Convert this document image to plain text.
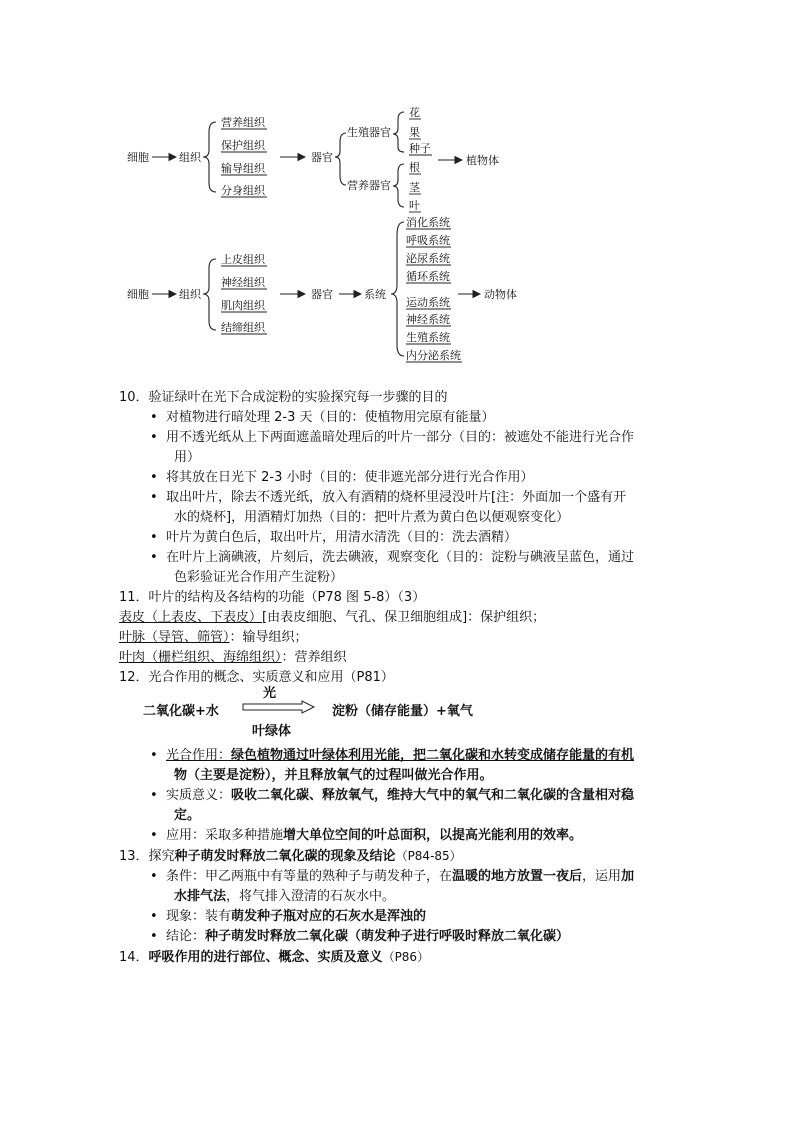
细胞	组织
营养组织
保护组织
输导组织
分身组织
器官
生殖器官
营养器官
花
果
种子
根
茎
叶
植物体
细胞	组织
上皮组织
神经组织
肌肉组织
结缔组织
器官	系统
消化系统
呼吸系统
泌尿系统
循环系统
运动系统
神经系统
生殖系统
内分泌系统
动物体

10．验证绿叶在光下合成淀粉的实验探究每一步骤的目的

• 对植物进行暗处理 2-3 天（目的：使植物用完原有能量）
• 用不透光纸从上下两面遮盖暗处理后的叶片一部分（目的：被遮处不能进行光合作
用）
• 将其放在日光下 2-3 小时（目的：使非遮光部分进行光合作用）
• 取出叶片，除去不透光纸，放入有酒精的烧杯里浸没叶片[注：外面加一个盛有开
水的烧杯]，用酒精灯加热（目的：把叶片煮为黄白色以便观察变化）
• 叶片为黄白色后，取出叶片，用清水清洗（目的：洗去酒精）
• 在叶片上滴碘液，片刻后，洗去碘液，观察变化（目的：淀粉与碘液呈蓝色，通过
色彩验证光合作用产生淀粉）

11．叶片的结构及各结构的功能（P78 图 5-8）（3）

表皮（上表皮、下表皮）[由表皮细胞、气孔、保卫细胞组成]：保护组织；

叶脉（导管、筛管）：输导组织；

叶肉（栅栏组织、海绵组织）：营养组织

12．光合作用的概念、实质意义和应用（P81）

二氧化碳+水
光
叶绿体
淀粉（储存能量）+氧气
• 光合作用：绿色植物通过叶绿体利用光能，把二氧化碳和水转变成储存能量的有机
物（主要是淀粉），并且释放氧气的过程叫做光合作用。
• 实质意义：吸收二氧化碳、释放氧气，维持大气中的氧气和二氧化碳的含量相对稳
定。
• 应用：采取多种措施增大单位空间的叶总面积，以提高光能利用的效率。

13．探究种子萌发时释放二氧化碳的现象及结论（P84-85）

• 条件：甲乙两瓶中有等量的熟种子与萌发种子，在温暖的地方放置一夜后，运用加
水排气法，将气排入澄清的石灰水中。
• 现象：装有萌发种子瓶对应的石灰水是浑浊的
• 结论：种子萌发时释放二氧化碳（萌发种子进行呼吸时释放二氧化碳）

14．呼吸作用的进行部位、概念、实质及意义（P86）
